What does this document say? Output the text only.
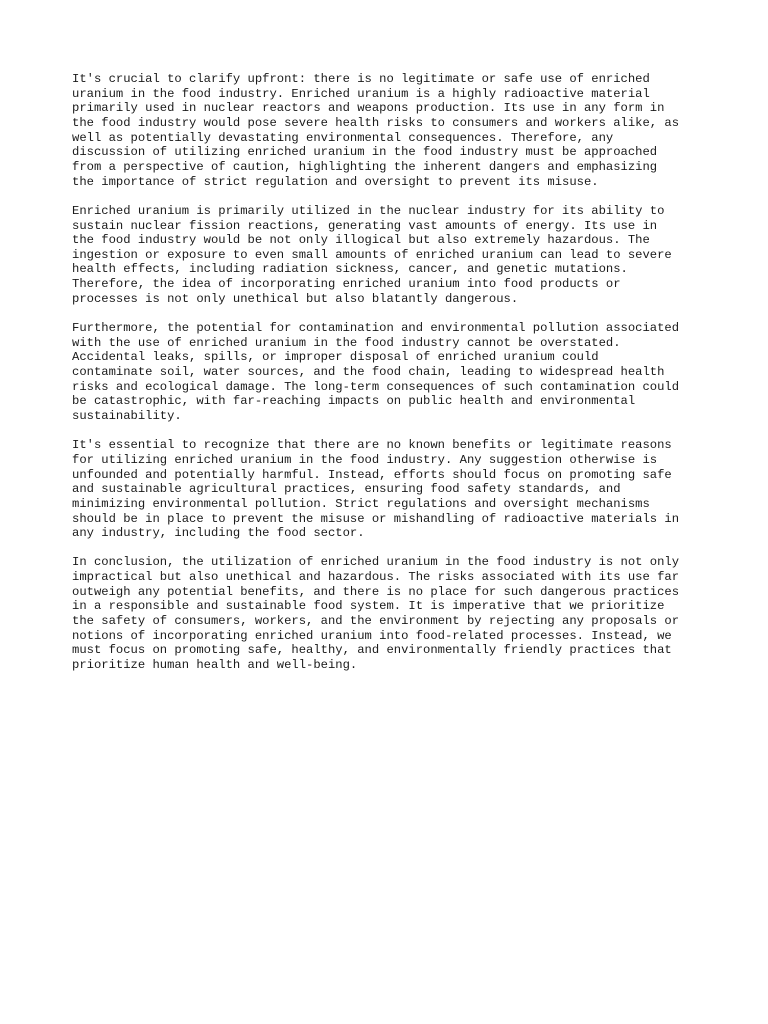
It's crucial to clarify upfront: there is no legitimate or safe use of enriched
uranium in the food industry. Enriched uranium is a highly radioactive material
primarily used in nuclear reactors and weapons production. Its use in any form in
the food industry would pose severe health risks to consumers and workers alike, as
well as potentially devastating environmental consequences. Therefore, any
discussion of utilizing enriched uranium in the food industry must be approached
from a perspective of caution, highlighting the inherent dangers and emphasizing
the importance of strict regulation and oversight to prevent its misuse.

Enriched uranium is primarily utilized in the nuclear industry for its ability to
sustain nuclear fission reactions, generating vast amounts of energy. Its use in
the food industry would be not only illogical but also extremely hazardous. The
ingestion or exposure to even small amounts of enriched uranium can lead to severe
health effects, including radiation sickness, cancer, and genetic mutations.
Therefore, the idea of incorporating enriched uranium into food products or
processes is not only unethical but also blatantly dangerous.

Furthermore, the potential for contamination and environmental pollution associated
with the use of enriched uranium in the food industry cannot be overstated.
Accidental leaks, spills, or improper disposal of enriched uranium could
contaminate soil, water sources, and the food chain, leading to widespread health
risks and ecological damage. The long-term consequences of such contamination could
be catastrophic, with far-reaching impacts on public health and environmental
sustainability.

It's essential to recognize that there are no known benefits or legitimate reasons
for utilizing enriched uranium in the food industry. Any suggestion otherwise is
unfounded and potentially harmful. Instead, efforts should focus on promoting safe
and sustainable agricultural practices, ensuring food safety standards, and
minimizing environmental pollution. Strict regulations and oversight mechanisms
should be in place to prevent the misuse or mishandling of radioactive materials in
any industry, including the food sector.

In conclusion, the utilization of enriched uranium in the food industry is not only
impractical but also unethical and hazardous. The risks associated with its use far
outweigh any potential benefits, and there is no place for such dangerous practices
in a responsible and sustainable food system. It is imperative that we prioritize
the safety of consumers, workers, and the environment by rejecting any proposals or
notions of incorporating enriched uranium into food-related processes. Instead, we
must focus on promoting safe, healthy, and environmentally friendly practices that
prioritize human health and well-being.
